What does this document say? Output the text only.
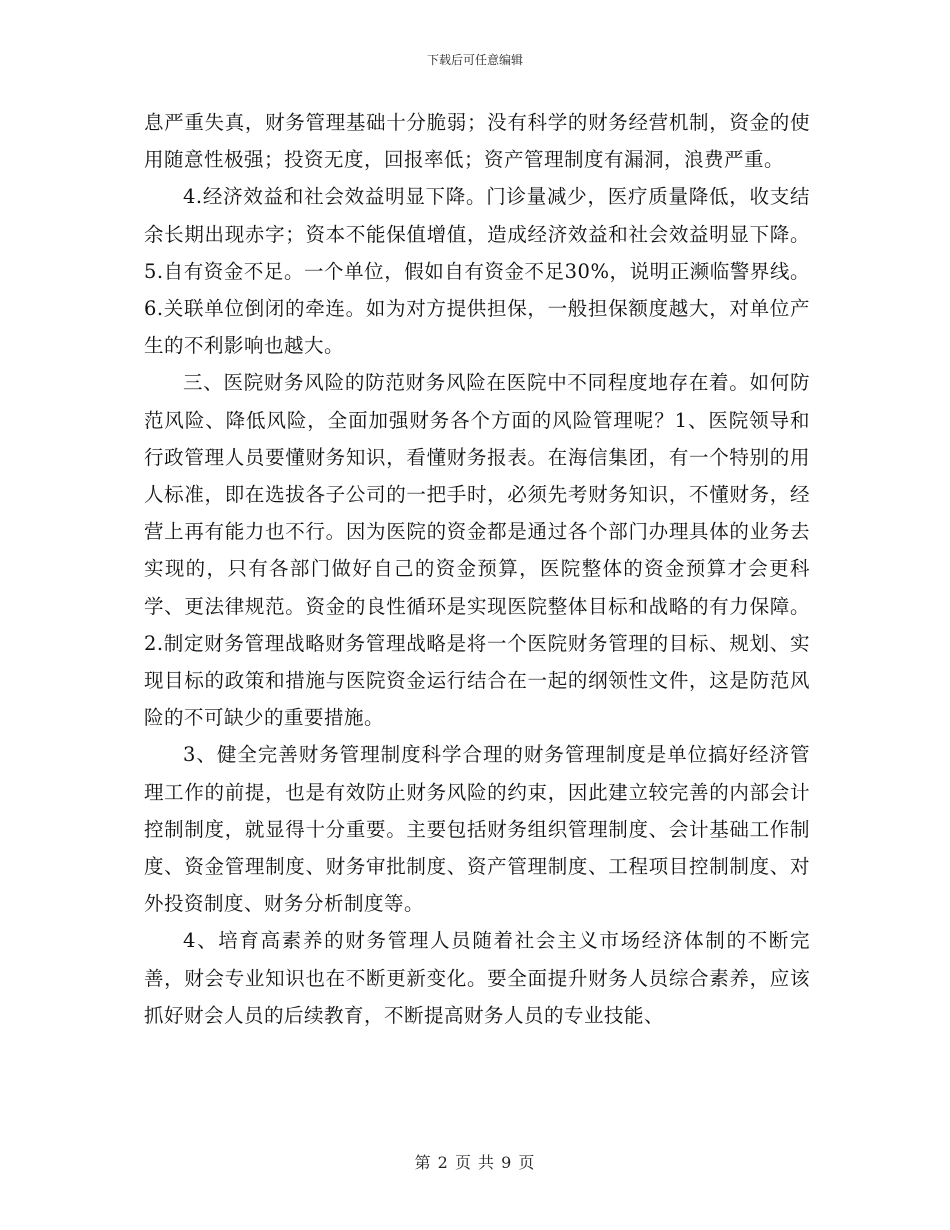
下载后可任意编辑

息严重失真，财务管理基础十分脆弱；没有科学的财务经营机制，资金的使用随意性极强；投资无度，回报率低；资产管理制度有漏洞，浪费严重。

4.经济效益和社会效益明显下降。门诊量减少，医疗质量降低，收支结余长期出现赤字；资本不能保值增值，造成经济效益和社会效益明显下降。5.自有资金不足。一个单位，假如自有资金不足30%，说明正濒临警界线。6.关联单位倒闭的牵连。如为对方提供担保，一般担保额度越大，对单位产生的不利影响也越大。

三、医院财务风险的防范财务风险在医院中不同程度地存在着。如何防范风险、降低风险，全面加强财务各个方面的风险管理呢？1、医院领导和行政管理人员要懂财务知识，看懂财务报表。在海信集团，有一个特别的用人标准，即在选拔各子公司的一把手时，必须先考财务知识，不懂财务，经营上再有能力也不行。因为医院的资金都是通过各个部门办理具体的业务去实现的，只有各部门做好自己的资金预算，医院整体的资金预算才会更科学、更法律规范。资金的良性循环是实现医院整体目标和战略的有力保障。2.制定财务管理战略财务管理战略是将一个医院财务管理的目标、规划、实现目标的政策和措施与医院资金运行结合在一起的纲领性文件，这是防范风险的不可缺少的重要措施。

3、健全完善财务管理制度科学合理的财务管理制度是单位搞好经济管理工作的前提，也是有效防止财务风险的约束，因此建立较完善的内部会计控制制度，就显得十分重要。主要包括财务组织管理制度、会计基础工作制度、资金管理制度、财务审批制度、资产管理制度、工程项目控制制度、对外投资制度、财务分析制度等。

4、培育高素养的财务管理人员随着社会主义市场经济体制的不断完善，财会专业知识也在不断更新变化。要全面提升财务人员综合素养，应该抓好财会人员的后续教育，不断提高财务人员的专业技能、

第 2 页 共 9 页
